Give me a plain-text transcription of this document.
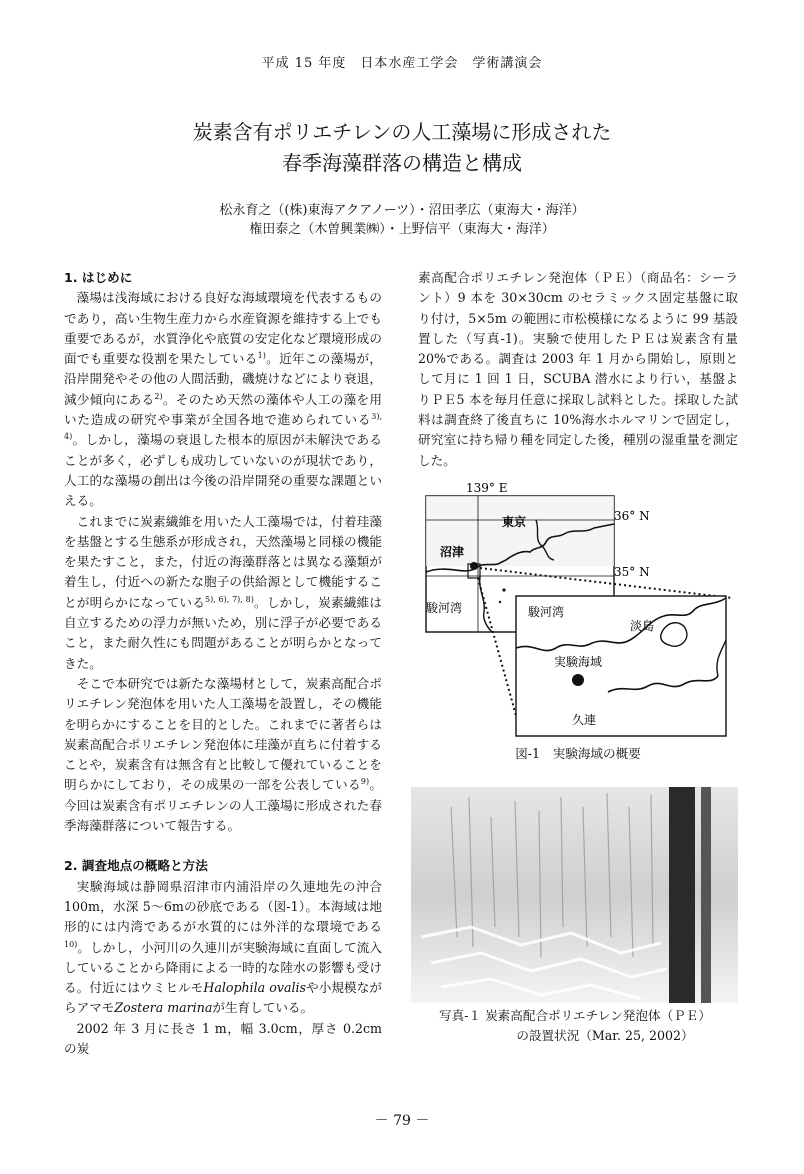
平成 15 年度　日本水産工学会　学術講演会
炭素含有ポリエチレンの人工藻場に形成された
春季海藻群落の構造と構成
松永育之（(株)東海アクアノーツ）・沼田孝広（東海大・海洋）
権田泰之（木曽興業㈱）・上野信平（東海大・海洋）
1. はじめに

藻場は浅海域における良好な海域環境を代表するものであり，高い生物生産力から水産資源を維持する上でも重要であるが，水質浄化や底質の安定化など環境形成の面でも重要な役割を果たしている$^{1)}$。近年この藻場が，沿岸開発やその他の人間活動，磯焼けなどにより衰退，減少傾向にある$^{2)}$。そのため天然の藻体や人工の藻を用いた造成の研究や事業が全国各地で進められている$^{3), 4)}$。しかし，藻場の衰退した根本的原因が未解決であることが多く，必ずしも成功していないのが現状であり，人工的な藻場の創出は今後の沿岸開発の重要な課題といえる。

これまでに炭素繊維を用いた人工藻場では，付着珪藻を基盤とする生態系が形成され，天然藻場と同様の機能を果たすこと，また，付近の海藻群落とは異なる藻類が着生し，付近への新たな胞子の供給源として機能することが明らかになっている$^{5), 6), 7), 8)}$。しかし，炭素繊維は自立するための浮力が無いため，別に浮子が必要であること，また耐久性にも問題があることが明らかとなってきた。

そこで本研究では新たな藻場材として，炭素高配合ポリエチレン発泡体を用いた人工藻場を設置し，その機能を明らかにすることを目的とした。これまでに著者らは炭素高配合ポリエチレン発泡体に珪藻が直ちに付着することや，炭素含有は無含有と比較して優れていることを明らかにしており，その成果の一部を公表している$^{9)}$。今回は炭素含有ポリエチレンの人工藻場に形成された春季海藻群落について報告する。

2. 調査地点の概略と方法

実験海域は静岡県沼津市内浦沿岸の久連地先の沖合100m，水深 5～6mの砂底である（図-1）。本海域は地形的には内湾であるが水質的には外洋的な環境である$^{10)}$。しかし，小河川の久連川が実験海域に直面して流入していることから降雨による一時的な陸水の影響も受ける。付近にはウミヒルモHalophila ovalisや小規模ながらアマモZostera marinaが生育している。

2002 年 3 月に長さ 1 m，幅 3.0cm，厚さ 0.2cm の炭

素高配合ポリエチレン発泡体（ＰＥ）（商品名：シーラント）9 本を 30×30cm のセラミックス固定基盤に取り付け，5×5m の範囲に市松模様になるように 99 基設置した（写真-1)。実験で使用したＰＥは炭素含有量 20%である。調査は 2003 年 1 月から開始し，原則として月に 1 回 1 日，SCUBA 潜水により行い，基盤よりＰＥ5 本を毎月任意に採取し試料とした。採取した試料は調査終了後直ちに 10%海水ホルマリンで固定し，研究室に持ち帰り種を同定した後，種別の湿重量を測定した。

139° E
36° N
35° N
東京
沼津
駿河湾	駿河湾
淡島
実験海域
久連
図-1　実験海域の概要
写真-１ 炭素高配合ポリエチレン発泡体（ＰＥ）
の設置状況（Mar. 25, 2002）
－ 79 －
